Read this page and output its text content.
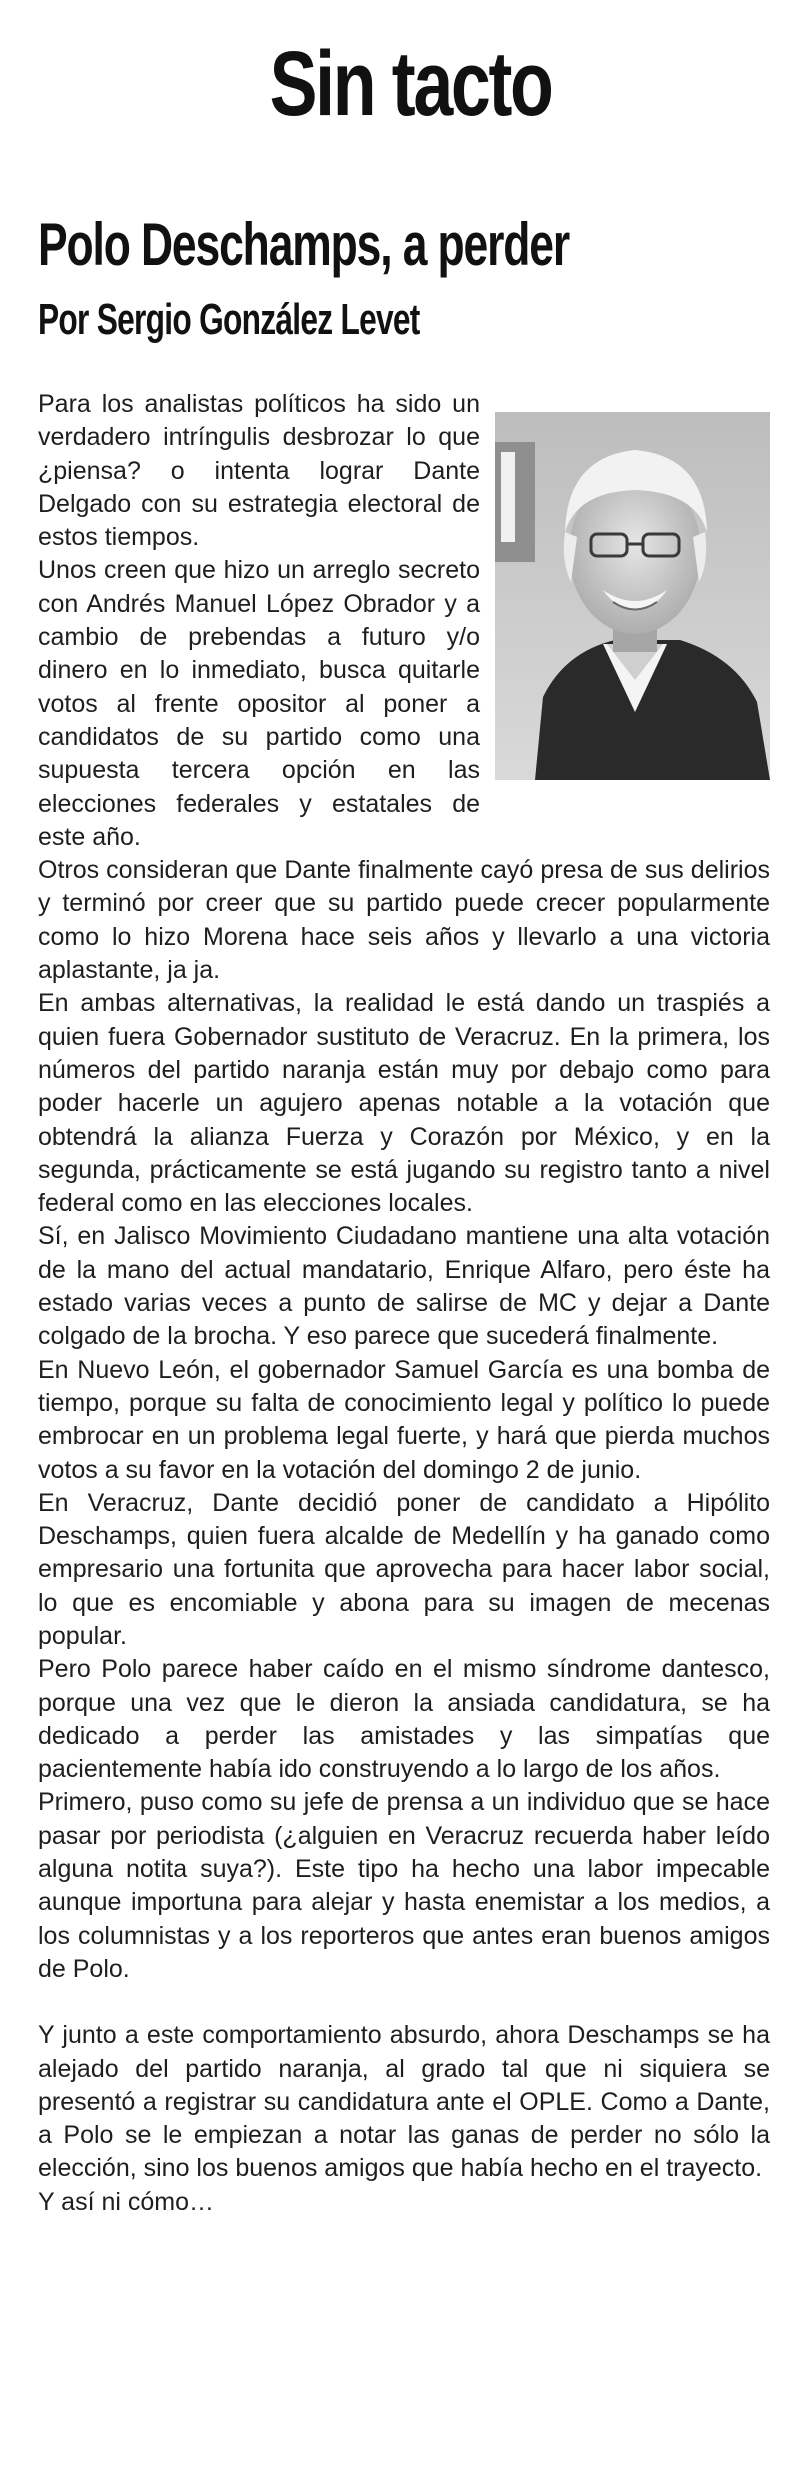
Sin tacto
Polo Deschamps, a perder
Por Sergio González Levet

Para los analistas políticos ha sido un verdadero intríngulis desbrozar lo que ¿piensa? o intenta lograr Dante Delgado con su estrategia electoral de estos tiempos.

Unos creen que hizo un arreglo secreto con Andrés Manuel López Obrador y a cambio de prebendas a futuro y/o dinero en lo inmediato, busca quitarle votos al frente opositor al poner a candidatos de su partido como una supuesta tercera opción en las elecciones federales y estatales de este año.

Otros consideran que Dante finalmente cayó presa de sus delirios y terminó por creer que su partido puede crecer popularmente como lo hizo Morena hace seis años y llevarlo a una victoria aplastante, ja ja.

En ambas alternativas, la realidad le está dando un traspiés a quien fuera Gobernador sustituto de Veracruz. En la primera, los números del partido naranja están muy por debajo como para poder hacerle un agujero apenas notable a la votación que obtendrá la alianza Fuerza y Corazón por México, y en la segunda, prácticamente se está jugando su registro tanto a nivel federal como en las elecciones locales.

Sí, en Jalisco Movimiento Ciudadano mantiene una alta votación de la mano del actual mandatario, Enrique Alfaro, pero éste ha estado varias veces a punto de salirse de MC y dejar a Dante colgado de la brocha. Y eso parece que sucederá finalmente.

En Nuevo León, el gobernador Samuel García es una bomba de tiempo, porque su falta de conocimiento legal y político lo puede embrocar en un problema legal fuerte, y hará que pierda muchos votos a su favor en la votación del domingo 2 de junio.

En Veracruz, Dante decidió poner de candidato a Hipólito Deschamps, quien fuera alcalde de Medellín y ha ganado como empresario una fortunita que aprovecha para hacer labor social, lo que es encomiable y abona para su imagen de mecenas popular.

Pero Polo parece haber caído en el mismo síndrome dantesco, porque una vez que le dieron la ansiada candidatura, se ha dedicado a perder las amistades y las simpatías que pacientemente había ido construyendo a lo largo de los años.

Primero, puso como su jefe de prensa a un individuo que se hace pasar por periodista (¿alguien en Veracruz recuerda haber leído alguna notita suya?). Este tipo ha hecho una labor impecable aunque importuna para alejar y hasta enemistar a los medios, a los columnistas y a los reporteros que antes eran buenos amigos de Polo.

Y junto a este comportamiento absurdo, ahora Deschamps se ha alejado del partido naranja, al grado tal que ni siquiera se presentó a registrar su candidatura ante el OPLE. Como a Dante, a Polo se le empiezan a notar las ganas de perder no sólo la elección, sino los buenos amigos que había hecho en el trayecto.

Y así ni cómo…
